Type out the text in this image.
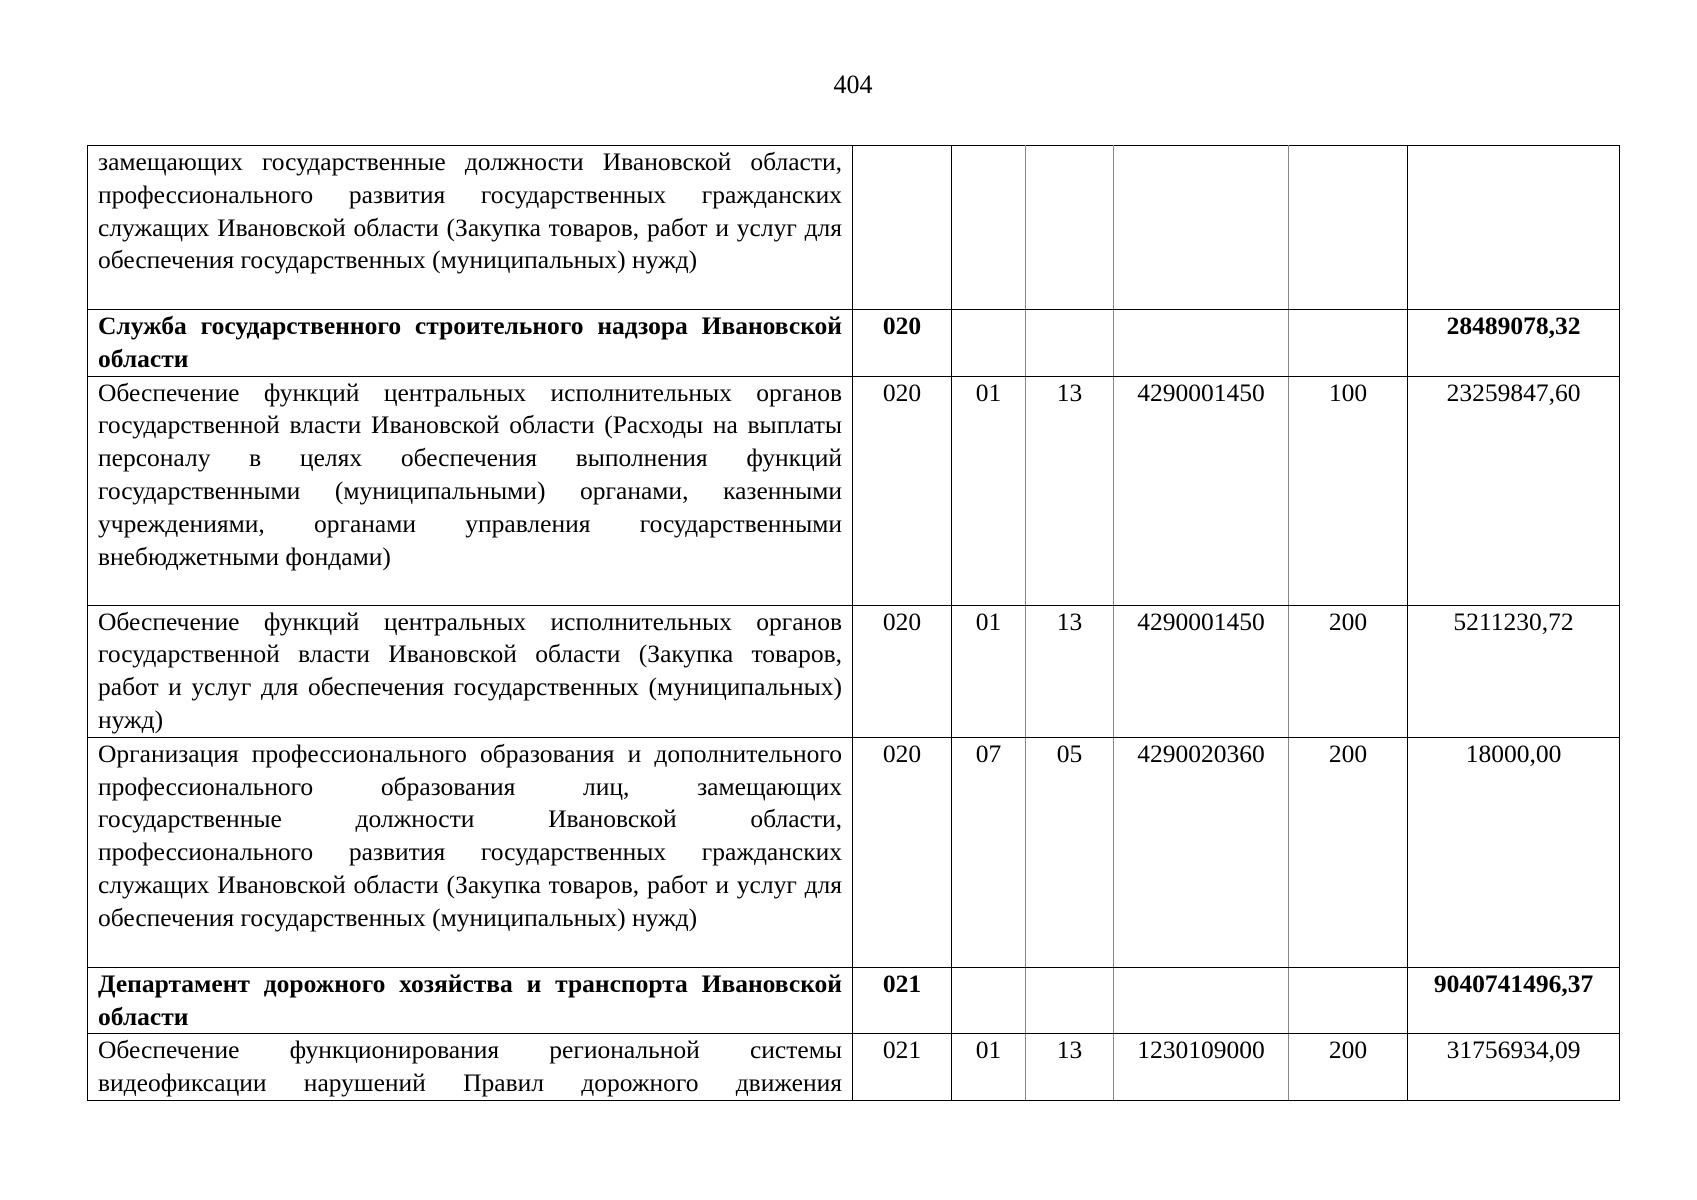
404
замещающих государственные должности Ивановской области, профессионального развития государственных гражданских служащих Ивановской области (Закупка товаров, работ и услуг для обеспечения государственных (муниципальных) нужд)						
Служба государственного строительного надзора Ивановской области	020					28489078,32
Обеспечение функций центральных исполнительных органов государственной власти Ивановской области (Расходы на выплаты персоналу в целях обеспечения выполнения функций государственными (муниципальными) органами, казенными учреждениями, органами управления государственными внебюджетными фондами)	020	01	13	4290001450	100	23259847,60
Обеспечение функций центральных исполнительных органов государственной власти Ивановской области (Закупка товаров, работ и услуг для обеспечения государственных (муниципальных) нужд)	020	01	13	4290001450	200	5211230,72
Организация профессионального образования и дополнительного профессионального образования лиц, замещающих государственные должности Ивановской области, профессионального развития государственных гражданских служащих Ивановской области (Закупка товаров, работ и услуг для обеспечения государственных (муниципальных) нужд)	020	07	05	4290020360	200	18000,00
Департамент дорожного хозяйства и транспорта Ивановской области	021					9040741496,37
Обеспечение функционирования региональной системы видеофиксации нарушений Правил дорожного движения	021	01	13	1230109000	200	31756934,09
